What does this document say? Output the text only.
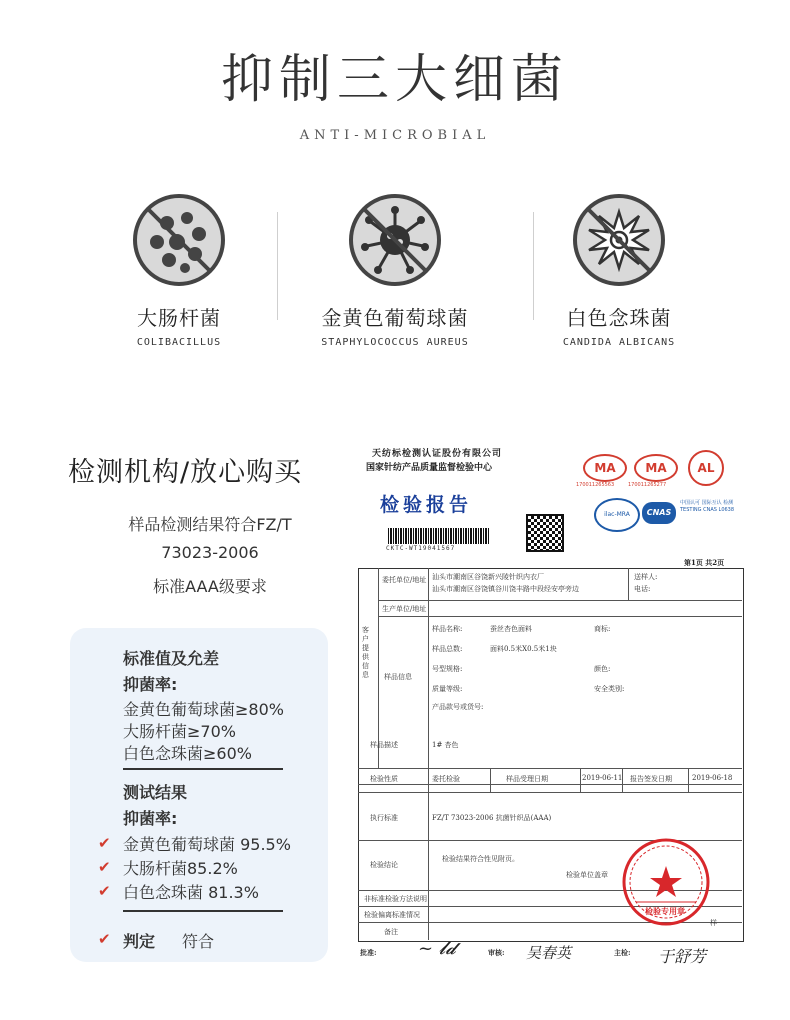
抑制三大细菌
ANTI-MICROBIAL
大肠杆菌
COLIBACILLUS
金黄色葡萄球菌
STAPHYLOCOCCUS AUREUS
白色念珠菌
CANDIDA ALBICANS
检测机构/放心购买
样品检测结果符合FZ/T
73023-2006
标准AAA级要求
标准值及允差
抑菌率:
金黄色葡萄球菌≥80%
大肠杆菌≥70%
白色念珠菌≥60%
测试结果
抑菌率:
✔ 金黄色葡萄球菌 95.5%
✔ 大肠杆菌85.2%
✔ 白色念珠菌 81.3%
✔ 判定 符合
天纺标检测认证股份有限公司
国家针纺产品质量监督检验中心
检验报告
CKTC-WT19041567
MA
170011265563
MA
170011265277
AL
ilac-MRA	CNAS
中国认可 国际互认 检测 TESTING CNAS L0638
第1页 共2页
委托单位/地址 汕头市潮南区谷饶新兴陵针织内衣厂
汕头市潮南区谷饶镇谷川饶丰路中段经安亭旁边
送样人:
电话:
生产单位/地址
客户提供信息	样品信息
样品名称:	蚕丝杏色面料	商标:
样品总数:	面料0.5米X0.5米1块
号型规格:	颜色:
质量等级:	安全类别:
产品款号或货号:
样品描述	1# 杏色
检验性质	委托检验	样品受理日期	2019-06-11 报告签发日期	2019-06-18
执行标准	FZ/T 73023-2006 抗菌针织品(AAA)
检验结论
检验结果符合性见附页。
检验单位盖章
非标准检验方法说明
检验偏离标准情况
备注
样
检验专用章
批准: ~ 𝓵𝓭	审核: 吴春英	主检: 于舒芳
